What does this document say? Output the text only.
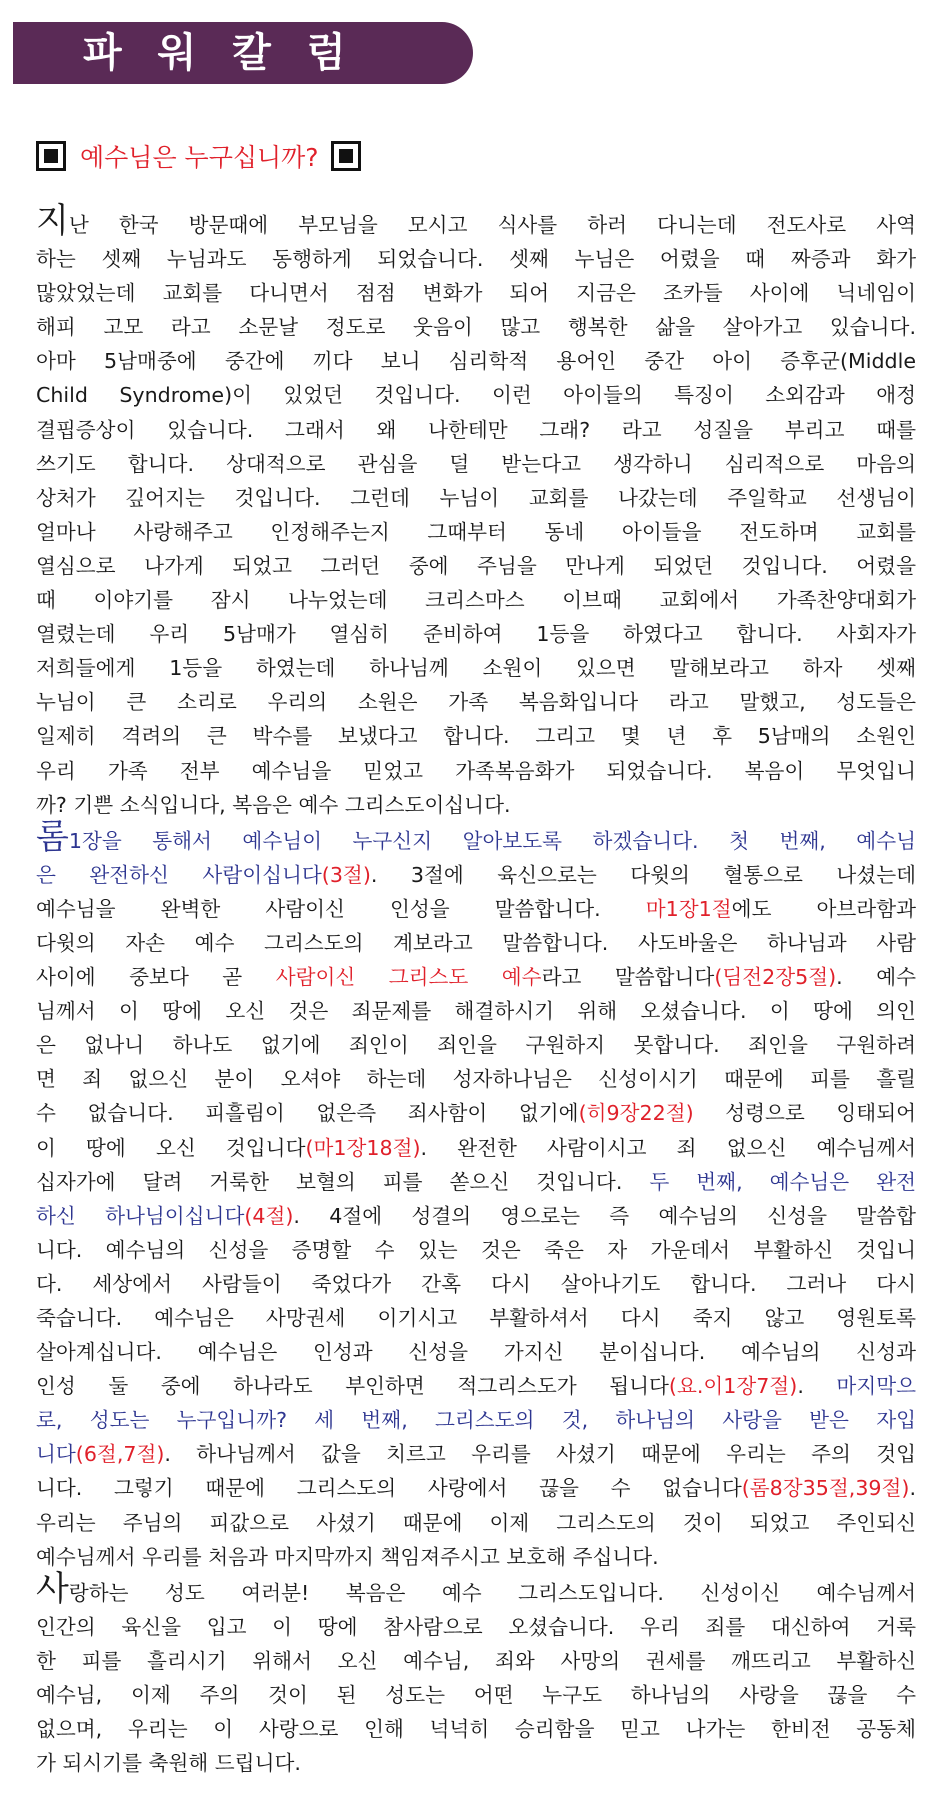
파워칼럼
예수님은 누구십니까?
지난 한국 방문때에 부모님을 모시고 식사를 하러 다니는데 전도사로 사역
하는 셋째 누님과도 동행하게 되었습니다. 셋째 누님은 어렸을 때 짜증과 화가
많았었는데 교회를 다니면서 점점 변화가 되어 지금은 조카들 사이에 닉네임이
해피 고모 라고 소문날 정도로 웃음이 많고 행복한 삶을 살아가고 있습니다.
아마 5남매중에 중간에 끼다 보니 심리학적 용어인 중간 아이 증후군(Middle
Child Syndrome)이 있었던 것입니다. 이런 아이들의 특징이 소외감과 애정
결핍증상이 있습니다. 그래서 왜 나한테만 그래? 라고 성질을 부리고 때를
쓰기도 합니다. 상대적으로 관심을 덜 받는다고 생각하니 심리적으로 마음의
상처가 깊어지는 것입니다. 그런데 누님이 교회를 나갔는데 주일학교 선생님이
얼마나 사랑해주고 인정해주는지 그때부터 동네 아이들을 전도하며 교회를
열심으로 나가게 되었고 그러던 중에 주님을 만나게 되었던 것입니다. 어렸을
때 이야기를 잠시 나누었는데 크리스마스 이브때 교회에서 가족찬양대회가
열렸는데 우리 5남매가 열심히 준비하여 1등을 하였다고 합니다. 사회자가
저희들에게 1등을 하였는데 하나님께 소원이 있으면 말해보라고 하자 셋째
누님이 큰 소리로 우리의 소원은 가족 복음화입니다 라고 말했고, 성도들은
일제히 격려의 큰 박수를 보냈다고 합니다. 그리고 몇 년 후 5남매의 소원인
우리 가족 전부 예수님을 믿었고 가족복음화가 되었습니다. 복음이 무엇입니
까? 기쁜 소식입니다, 복음은 예수 그리스도이십니다.
롬1장을 통해서 예수님이 누구신지 알아보도록 하겠습니다. 첫 번째, 예수님
은 완전하신 사람이십니다(3절). 3절에 육신으로는 다윗의 혈통으로 나셨는데
예수님을 완벽한 사람이신 인성을 말씀합니다. 마1장1절에도 아브라함과
다윗의 자손 예수 그리스도의 계보라고 말씀합니다. 사도바울은 하나님과 사람
사이에 중보다 곧 사람이신 그리스도 예수라고 말씀합니다(딤전2장5절). 예수
님께서 이 땅에 오신 것은 죄문제를 해결하시기 위해 오셨습니다. 이 땅에 의인
은 없나니 하나도 없기에 죄인이 죄인을 구원하지 못합니다. 죄인을 구원하려
면 죄 없으신 분이 오셔야 하는데 성자하나님은 신성이시기 때문에 피를 흘릴
수 없습니다. 피흘림이 없은즉 죄사함이 없기에(히9장22절) 성령으로 잉태되어
이 땅에 오신 것입니다(마1장18절). 완전한 사람이시고 죄 없으신 예수님께서
십자가에 달려 거룩한 보혈의 피를 쏟으신 것입니다. 두 번째, 예수님은 완전
하신 하나님이십니다(4절). 4절에 성결의 영으로는 즉 예수님의 신성을 말씀합
니다. 예수님의 신성을 증명할 수 있는 것은 죽은 자 가운데서 부활하신 것입니
다. 세상에서 사람들이 죽었다가 간혹 다시 살아나기도 합니다. 그러나 다시
죽습니다. 예수님은 사망권세 이기시고 부활하셔서 다시 죽지 않고 영원토록
살아계십니다. 예수님은 인성과 신성을 가지신 분이십니다. 예수님의 신성과
인성 둘 중에 하나라도 부인하면 적그리스도가 됩니다(요.이1장7절). 마지막으
로, 성도는 누구입니까? 세 번째, 그리스도의 것, 하나님의 사랑을 받은 자입
니다(6절,7절). 하나님께서 값을 치르고 우리를 사셨기 때문에 우리는 주의 것입
니다. 그렇기 때문에 그리스도의 사랑에서 끊을 수 없습니다(롬8장35절,39절).
우리는 주님의 피값으로 사셨기 때문에 이제 그리스도의 것이 되었고 주인되신
예수님께서 우리를 처음과 마지막까지 책임져주시고 보호해 주십니다.
사랑하는 성도 여러분! 복음은 예수 그리스도입니다. 신성이신 예수님께서
인간의 육신을 입고 이 땅에 참사람으로 오셨습니다. 우리 죄를 대신하여 거룩
한 피를 흘리시기 위해서 오신 예수님, 죄와 사망의 권세를 깨뜨리고 부활하신
예수님, 이제 주의 것이 된 성도는 어떤 누구도 하나님의 사랑을 끊을 수
없으며, 우리는 이 사랑으로 인해 넉넉히 승리함을 믿고 나가는 한비전 공동체
가 되시기를 축원해 드립니다.
